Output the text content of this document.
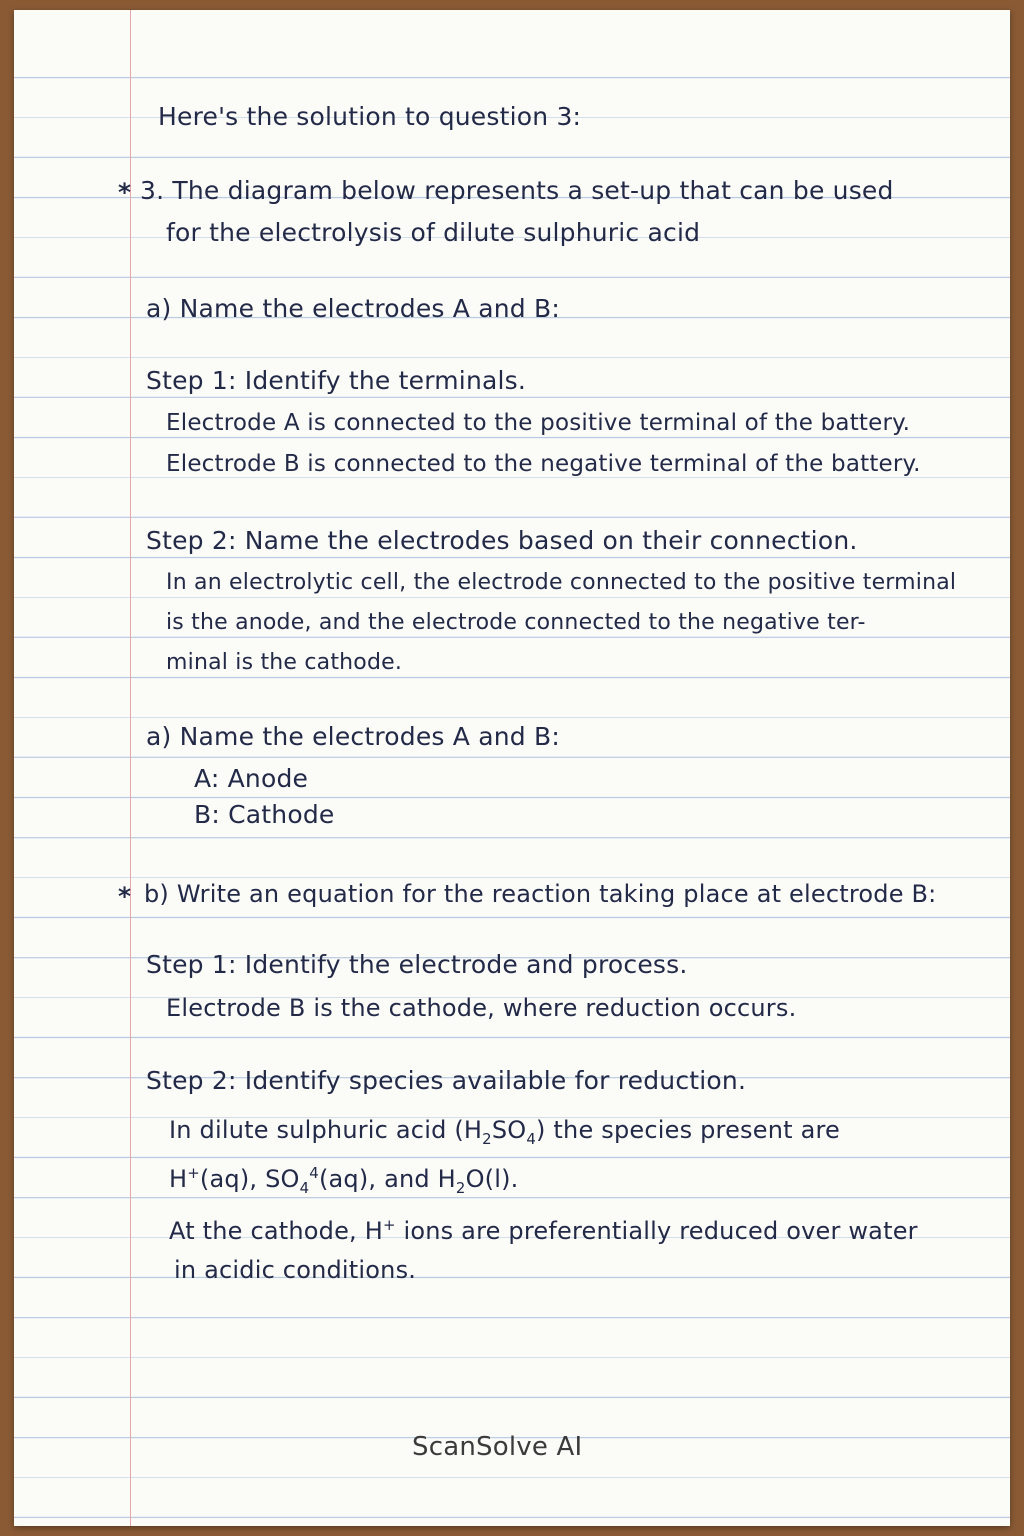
Here's the solution to question 3:

* 3. The diagram below represents a set-up that can be used

for the electrolysis of dilute sulphuric acid

a) Name the electrodes A and B:

Step 1: Identify the terminals.

Electrode A is connected to the positive terminal of the battery.

Electrode B is connected to the negative terminal of the battery.

Step 2: Name the electrodes based on their connection.

In an electrolytic cell, the electrode connected to the positive terminal

is the anode, and the electrode connected to the negative ter-

minal is the cathode.

a) Name the electrodes A and B:

A: Anode

B: Cathode

* b) Write an equation for the reaction taking place at electrode B:

Step 1: Identify the electrode and process.

Electrode B is the cathode, where reduction occurs.

Step 2: Identify species available for reduction.

In dilute sulphuric acid $(H_2SO_4)$ the species present are

H+(aq), $SO_4^4(aq)$, and $H_2O(l)$.

At the cathode, H+ ions are preferentially reduced over water

in acidic conditions.

ScanSolve AI
